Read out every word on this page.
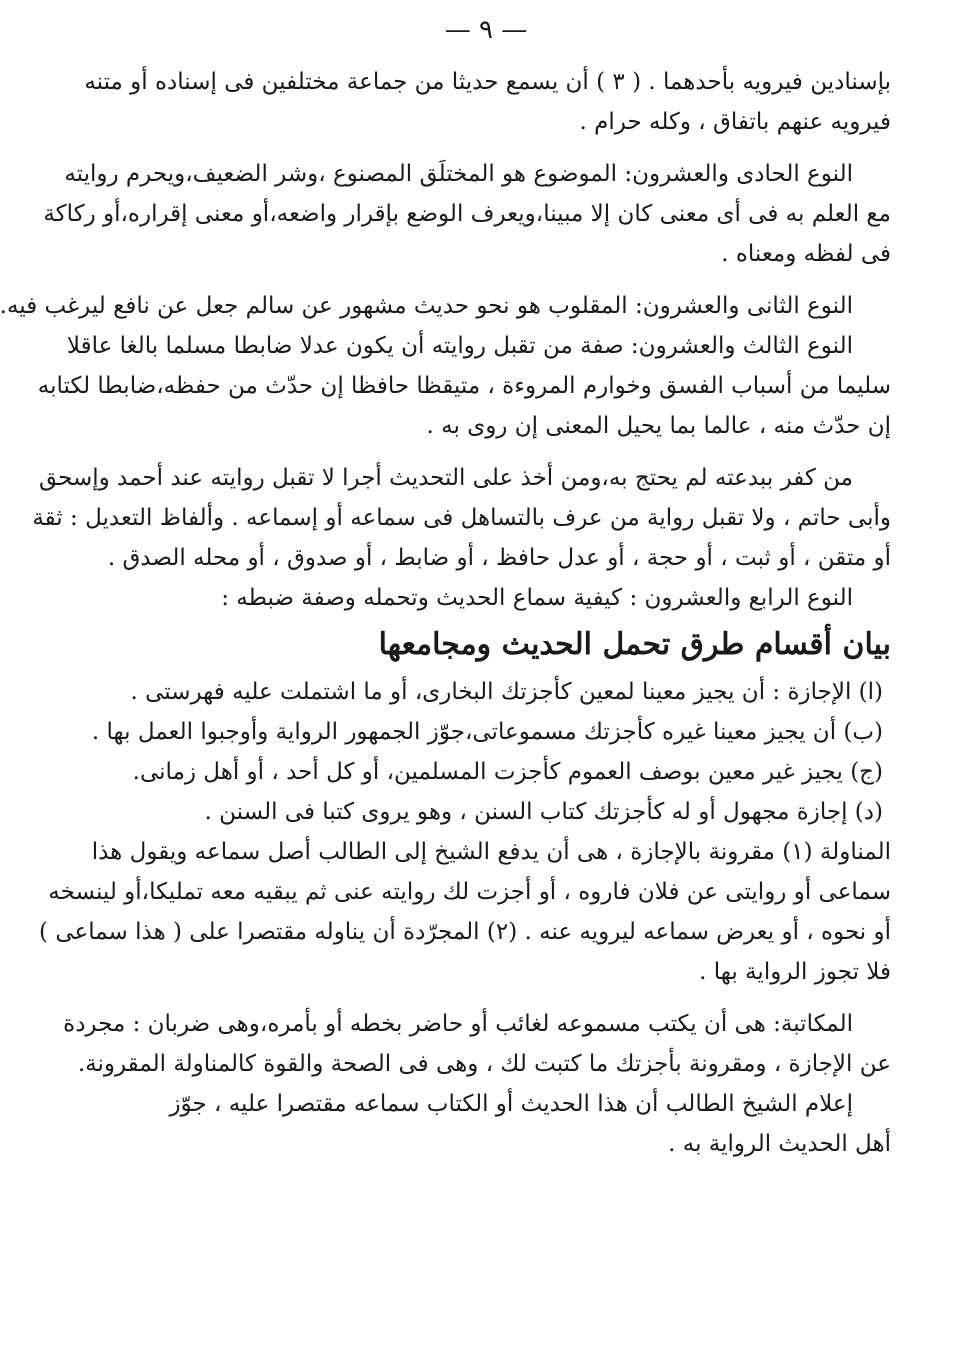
— ٩ —
بإسنادين فيرويه بأحدهما . ( ٣ ) أن يسمع حديثا من جماعة مختلفين فى إسناده أو متنه
فيرويه عنهم باتفاق ، وكله حرام .
النوع الحادى والعشرون: الموضوع هو المختلَق المصنوع ،وشر الضعيف،ويحرم روايته
مع العلم به فى أى معنى كان إلا مبينا،ويعرف الوضع بإقرار واضعه،أو معنى إقراره،أو ركاكة
فى لفظه ومعناه .
النوع الثانى والعشرون: المقلوب هو نحو حديث مشهور عن سالم جعل عن نافع ليرغب فيه.
النوع الثالث والعشرون: صفة من تقبل روايته أن يكون عدلا ضابطا مسلما بالغا عاقلا
سليما من أسباب الفسق وخوارم المروءة ، متيقظا حافظا إن حدّث من حفظه،ضابطا لكتابه
إن حدّث منه ، عالما بما يحيل المعنى إن روى به .
من كفر ببدعته لم يحتج به،ومن أخذ على التحديث أجرا لا تقبل روايته عند أحمد وإسحق
وأبى حاتم ، ولا تقبل رواية من عرف بالتساهل فى سماعه أو إسماعه . وألفاظ التعديل : ثقة
أو متقن ، أو ثبت ، أو حجة ، أو عدل حافظ ، أو ضابط ، أو صدوق ، أو محله الصدق .
النوع الرابع والعشرون : كيفية سماع الحديث وتحمله وصفة ضبطه :
بيان أقسام طرق تحمل الحديث ومجامعها
(ا) الإجازة : أن يجيز معينا لمعين كأجزتك البخارى، أو ما اشتملت عليه فهرستى .
(ب) أن يجيز معينا غيره كأجزتك مسموعاتى،جوّز الجمهور الرواية وأوجبوا العمل بها .
(ج) يجيز غير معين بوصف العموم كأجزت المسلمين، أو كل أحد ، أو أهل زمانى.
(د) إجازة مجهول أو له كأجزتك كتاب السنن ، وهو يروى كتبا فى السنن .
المناولة (١) مقرونة بالإجازة ، هى أن يدفع الشيخ إلى الطالب أصل سماعه ويقول هذا
سماعى أو روايتى عن فلان فاروه ، أو أجزت لك روايته عنى ثم يبقيه معه تمليكا،أو لينسخه
أو نحوه ، أو يعرض سماعه ليرويه عنه . (٢) المجرّدة أن يناوله مقتصرا على ( هذا سماعى )
فلا تجوز الرواية بها .
المكاتبة: هى أن يكتب مسموعه لغائب أو حاضر بخطه أو بأمره،وهى ضربان : مجردة
عن الإجازة ، ومقرونة بأجزتك ما كتبت لك ، وهى فى الصحة والقوة كالمناولة المقرونة.
إعلام الشيخ الطالب أن هذا الحديث أو الكتاب سماعه مقتصرا عليه ، جوّز
أهل الحديث الرواية به .
